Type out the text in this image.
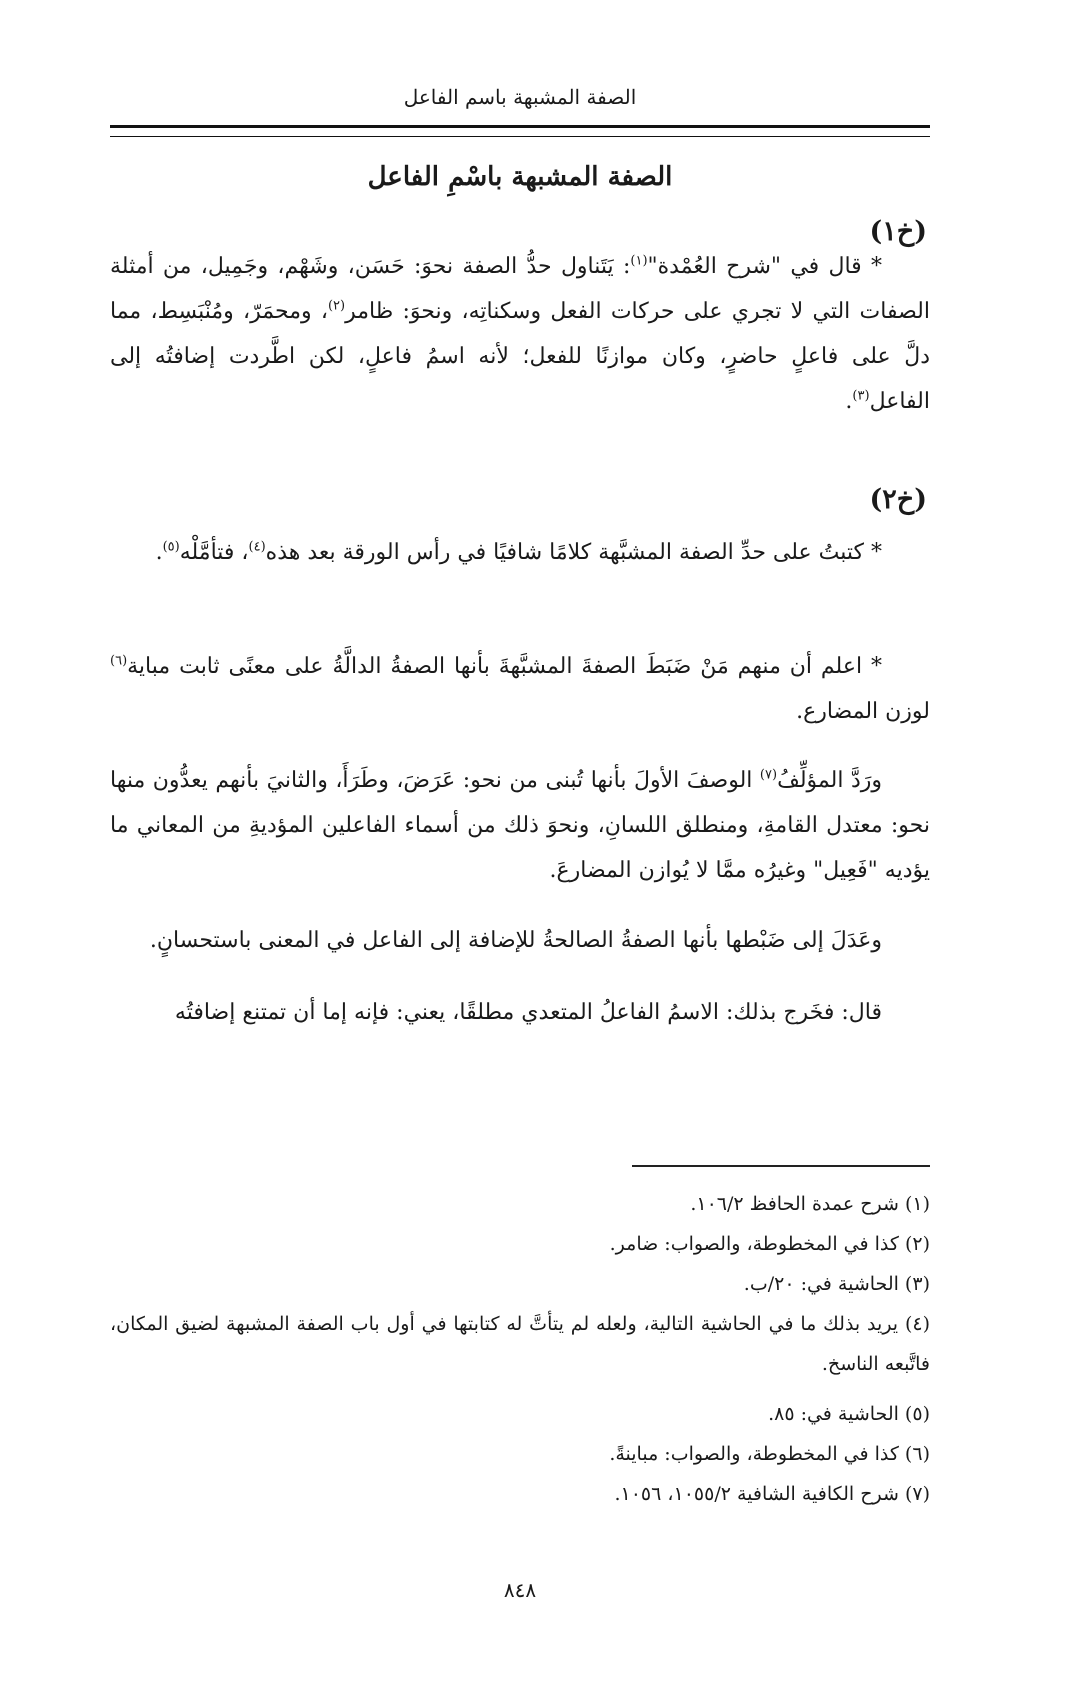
الصفة المشبهة باسم الفاعل
الصفة المشبهة باسْمِ الفاعل
(خ١)

* قال في "شرح العُمْدة"$^{(١)}$: يَتَناول حدُّ الصفة نحوَ: حَسَن، وشَهْم، وجَمِيل، من أمثلة الصفات التي لا تجري على حركات الفعل وسكناتِه، ونحوَ: ظامر$^{(٢)}$، ومحمَرّ، ومُنْبَسِط، مما دلَّ على فاعلٍ حاضرٍ، وكان موازنًا للفعل؛ لأنه اسمُ فاعلٍ، لكن اطَّردت إضافتُه إلى الفاعل$^{(٣)}$.

(خ٢)

* كتبتُ على حدِّ الصفة المشبَّهة كلامًا شافيًا في رأس الورقة بعد هذه$^{(٤)}$، فتأمَّلْه$^{(٥)}$.

* اعلم أن منهم مَنْ ضَبَطَ الصفةَ المشبَّهةَ بأنها الصفةُ الدالَّةُ على معنًى ثابت مباية$^{(٦)}$ لوزن المضارع.

ورَدَّ المؤلِّفُ$^{(٧)}$ الوصفَ الأولَ بأنها تُبنى من نحو: عَرَضَ، وطَرَأَ، والثانيَ بأنهم يعدُّون منها نحو: معتدل القامةِ، ومنطلق اللسانِ، ونحوَ ذلك من أسماء الفاعلين المؤديةِ من المعاني ما يؤديه "فَعِيل" وغيرُه ممَّا لا يُوازن المضارعَ.

وعَدَلَ إلى ضَبْطها بأنها الصفةُ الصالحةُ للإضافة إلى الفاعل في المعنى باستحسانٍ.

قال: فخَرج بذلك: الاسمُ الفاعلُ المتعدي مطلقًا، يعني: فإنه إما أن تمتنع إضافتُه

(١) شرح عمدة الحافظ ١٠٦/٢.
(٢) كذا في المخطوطة، والصواب: ضامر.
(٣) الحاشية في: ٢٠/ب.
(٤) يريد بذلك ما في الحاشية التالية، ولعله لم يتأتَّ له كتابتها في أول باب الصفة المشبهة لضيق المكان، فاتَّبعه الناسخ.
(٥) الحاشية في: ٨٥.
(٦) كذا في المخطوطة، والصواب: مباينةً.
(٧) شرح الكافية الشافية ١٠٥٥/٢، ١٠٥٦.
٨٤٨
